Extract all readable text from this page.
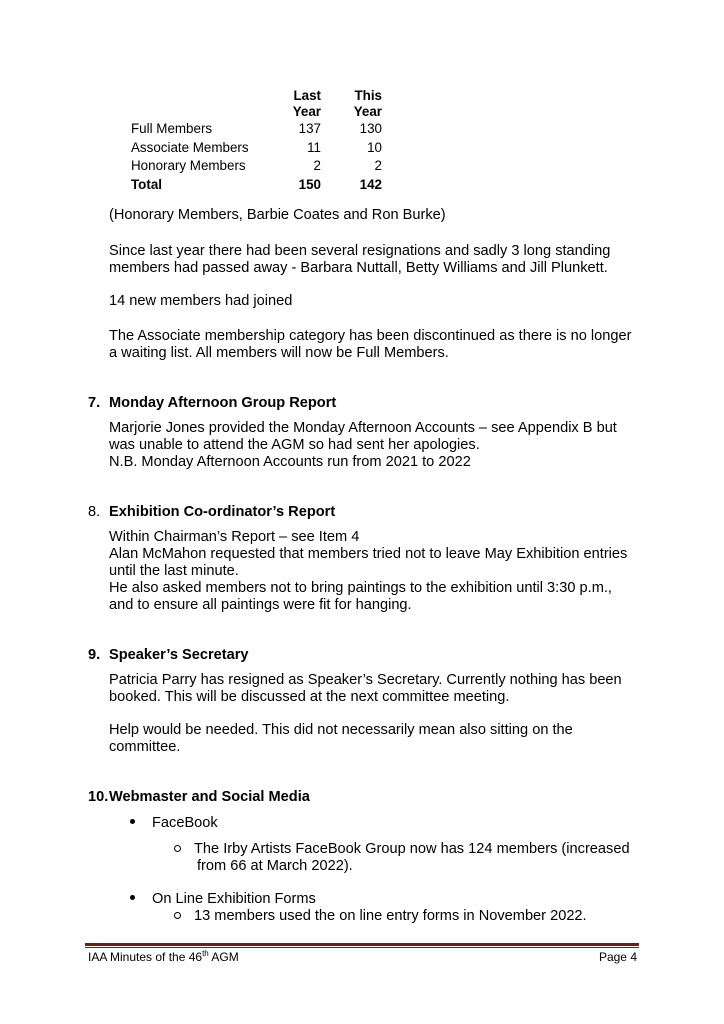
	Last
Year		This
Year
Full Members	137		130
Associate Members	11		10
Honorary Members	2		2
Total	150		142
(Honorary Members, Barbie Coates and Ron Burke)
Since last year there had been several resignations and sadly 3 long standing
members had passed away - Barbara Nuttall, Betty Williams and Jill Plunkett.
14 new members had joined
The Associate membership category has been discontinued as there is no longer
a waiting list. All members will now be Full Members.
7. Monday Afternoon Group Report
Marjorie Jones provided the Monday Afternoon Accounts – see Appendix B but
was unable to attend the AGM so had sent her apologies.
N.B. Monday Afternoon Accounts run from 2021 to 2022
8. Exhibition Co-ordinator’s Report
Within Chairman’s Report – see Item 4
Alan McMahon requested that members tried not to leave May Exhibition entries
until the last minute.
He also asked members not to bring paintings to the exhibition until 3:30 p.m.,
and to ensure all paintings were fit for hanging.
9. Speaker’s Secretary
Patricia Parry has resigned as Speaker’s Secretary. Currently nothing has been
booked. This will be discussed at the next committee meeting.
Help would be needed. This did not necessarily mean also sitting on the
committee.
10.Webmaster and Social Media
FaceBook
The Irby Artists FaceBook Group now has 124 members (increased
from 66 at March 2022).
On Line Exhibition Forms
13 members used the on line entry forms in November 2022.
IAA Minutes of the 46th AGM	Page 4
